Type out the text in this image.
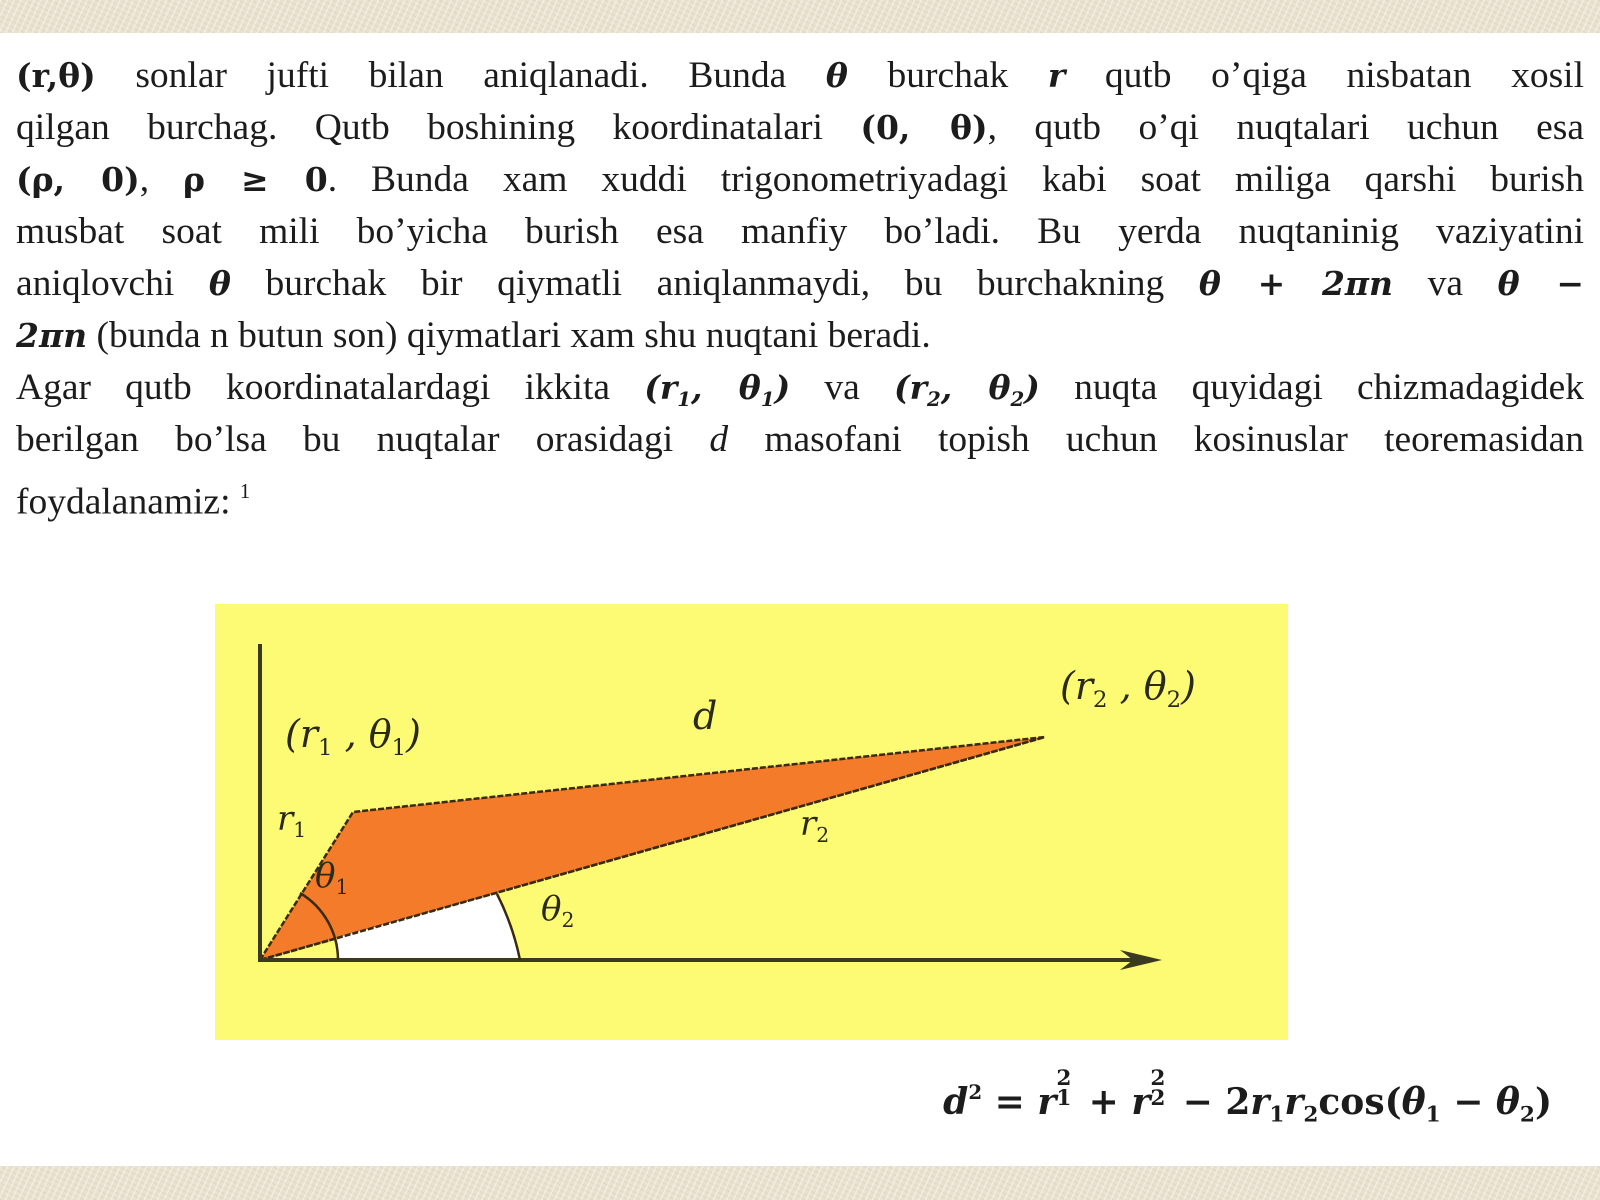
(r,θ) sonlar jufti bilan aniqlanadi. Bunda θ burchak r qutb o’qiga nisbatan xosil
qilgan burchag. Qutb boshining koordinatalari (0, θ), qutb o’qi nuqtalari uchun esa
(ρ, 0), ρ ≥ 0. Bunda xam xuddi trigonometriyadagi kabi soat miliga qarshi burish
musbat soat mili bo’yicha burish esa manfiy bo’ladi. Bu yerda nuqtaninig vaziyatini
aniqlovchi θ burchak bir qiymatli aniqlanmaydi, bu burchakning θ + 2πn va θ −
2πn (bunda n butun son) qiymatlari xam shu nuqtani beradi.
Agar qutb koordinatalardagi ikkita ($r_1$, $\theta_1$) va ($r_2$, $\theta_2$) nuqta quyidagi chizmadagidek
berilgan bo’lsa bu nuqtalar orasidagi d masofani topish uchun kosinuslar teoremasidan
foydalanamiz: $^1$
($r_1$ , $\theta_1$)
($r_2$ , $\theta_2$)
d
$r_1$	$r_2$
$\theta_1$
$\theta_2$
$d^2 = r$
2
1 + r
2
$2 - 2r_1r_2\cos(\theta_1 - \theta_2)$
